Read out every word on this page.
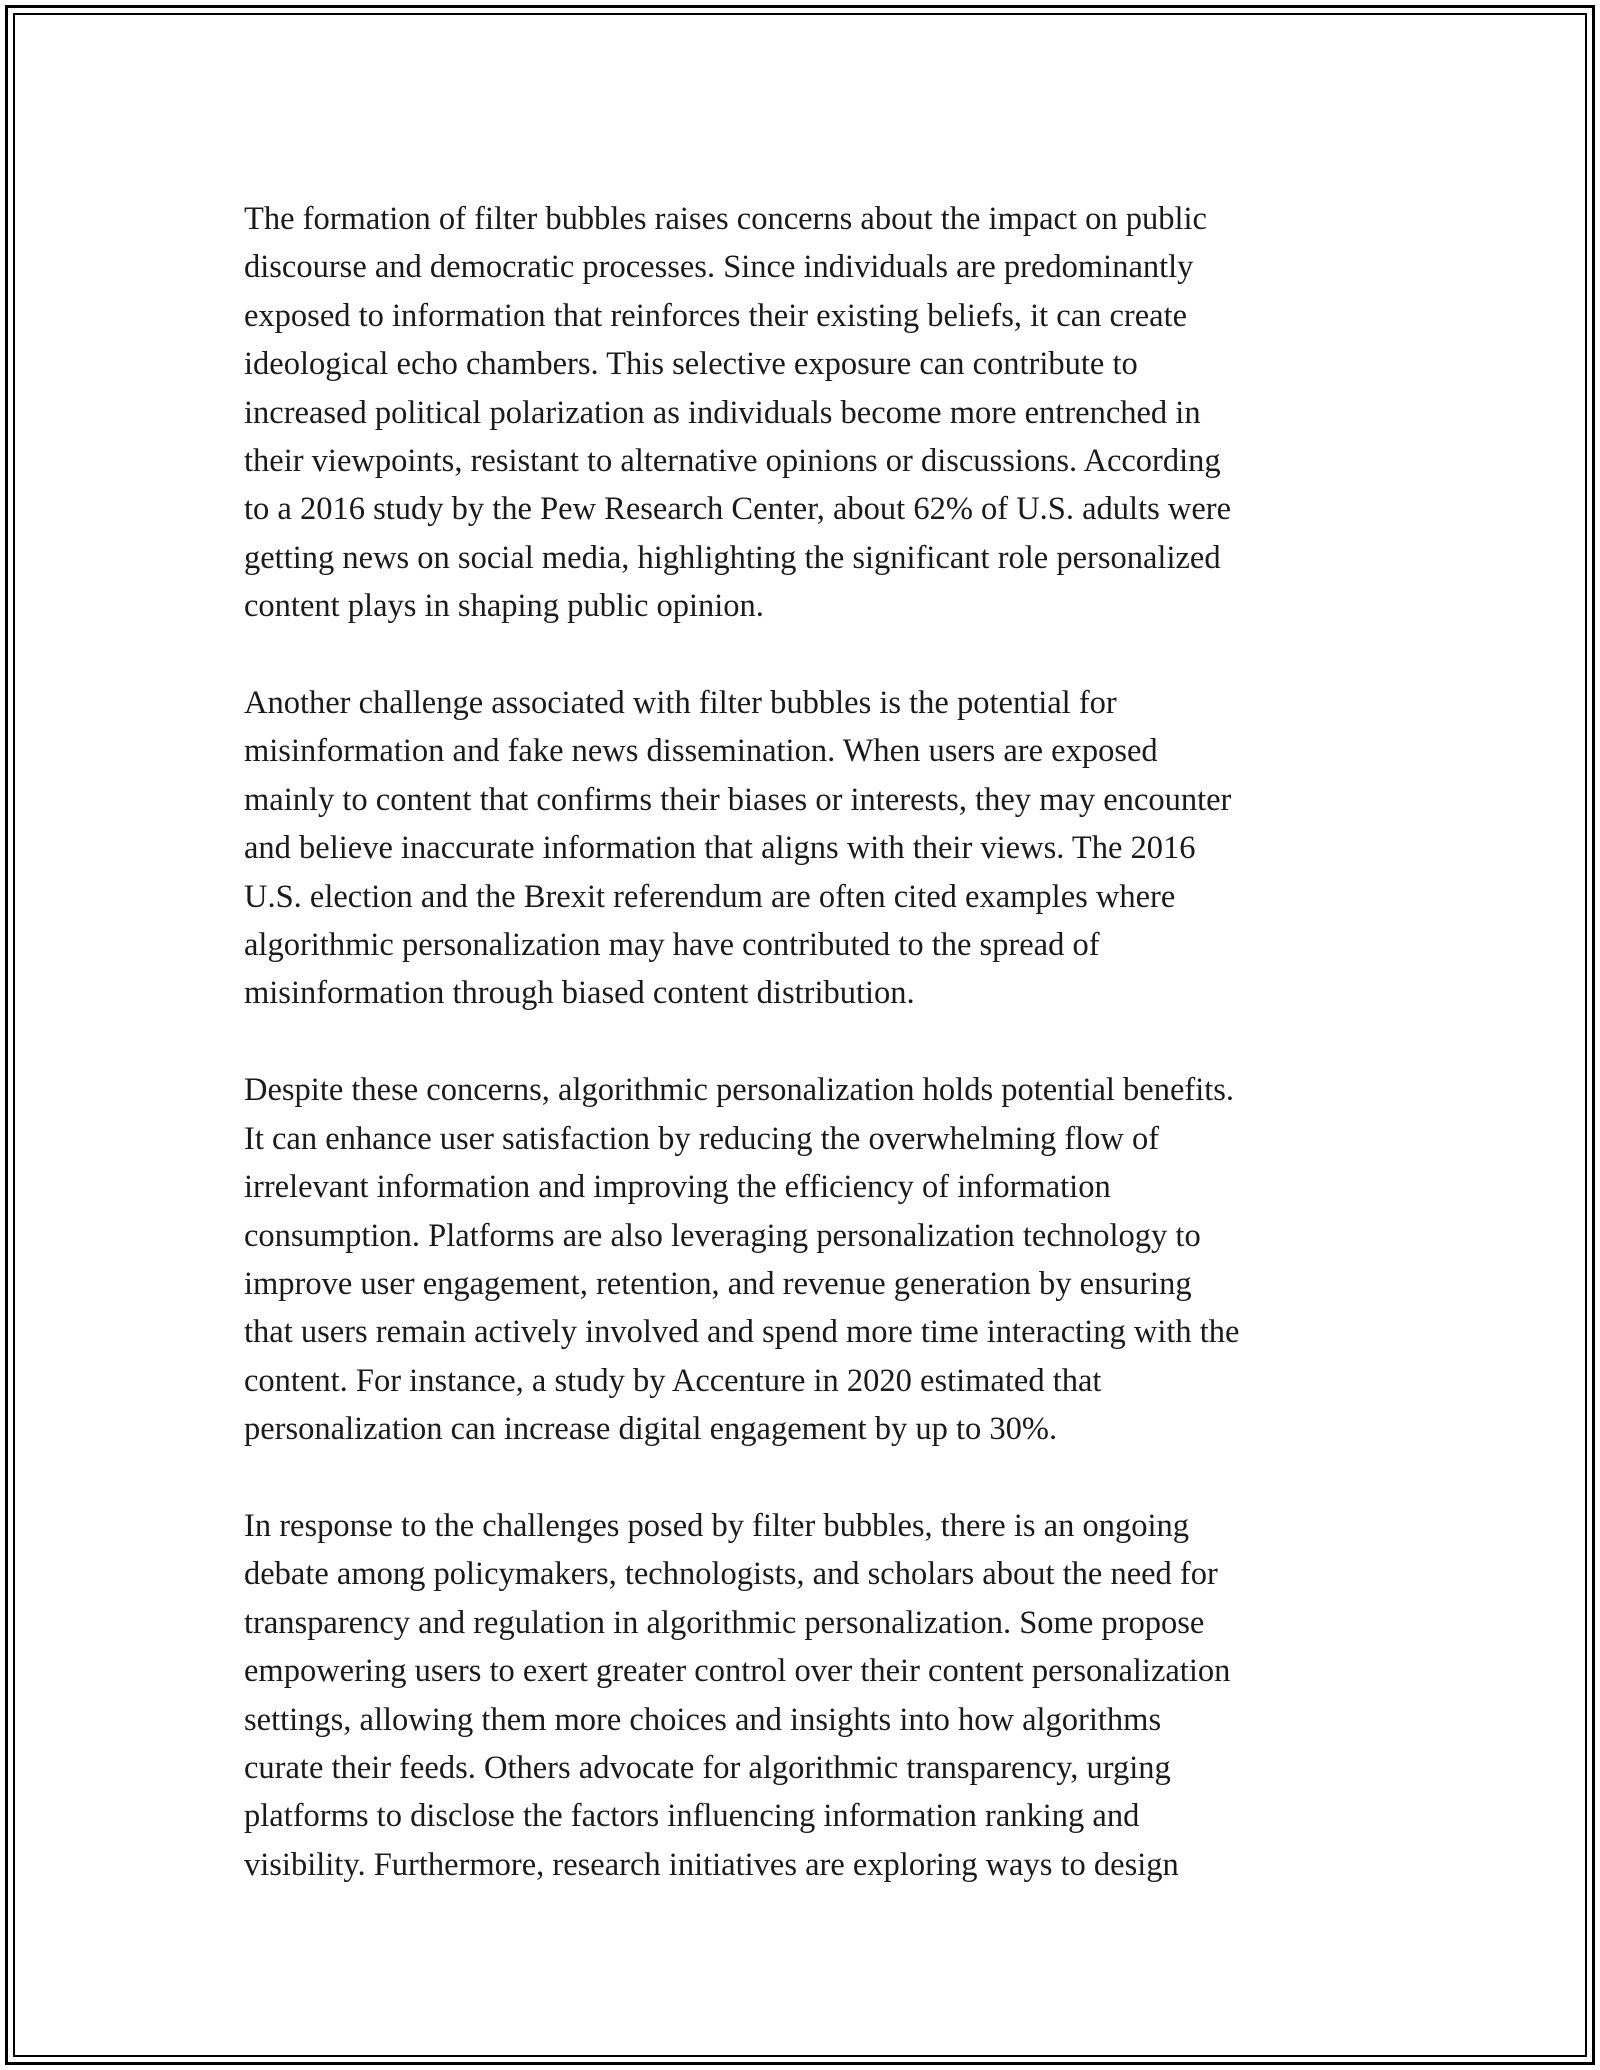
The formation of filter bubbles raises concerns about the impact on public
discourse and democratic processes. Since individuals are predominantly
exposed to information that reinforces their existing beliefs, it can create
ideological echo chambers. This selective exposure can contribute to
increased political polarization as individuals become more entrenched in
their viewpoints, resistant to alternative opinions or discussions. According
to a 2016 study by the Pew Research Center, about 62% of U.S. adults were
getting news on social media, highlighting the significant role personalized
content plays in shaping public opinion.

Another challenge associated with filter bubbles is the potential for
misinformation and fake news dissemination. When users are exposed
mainly to content that confirms their biases or interests, they may encounter
and believe inaccurate information that aligns with their views. The 2016
U.S. election and the Brexit referendum are often cited examples where
algorithmic personalization may have contributed to the spread of
misinformation through biased content distribution.

Despite these concerns, algorithmic personalization holds potential benefits.
It can enhance user satisfaction by reducing the overwhelming flow of
irrelevant information and improving the efficiency of information
consumption. Platforms are also leveraging personalization technology to
improve user engagement, retention, and revenue generation by ensuring
that users remain actively involved and spend more time interacting with the
content. For instance, a study by Accenture in 2020 estimated that
personalization can increase digital engagement by up to 30%.

In response to the challenges posed by filter bubbles, there is an ongoing
debate among policymakers, technologists, and scholars about the need for
transparency and regulation in algorithmic personalization. Some propose
empowering users to exert greater control over their content personalization
settings, allowing them more choices and insights into how algorithms
curate their feeds. Others advocate for algorithmic transparency, urging
platforms to disclose the factors influencing information ranking and
visibility. Furthermore, research initiatives are exploring ways to design
